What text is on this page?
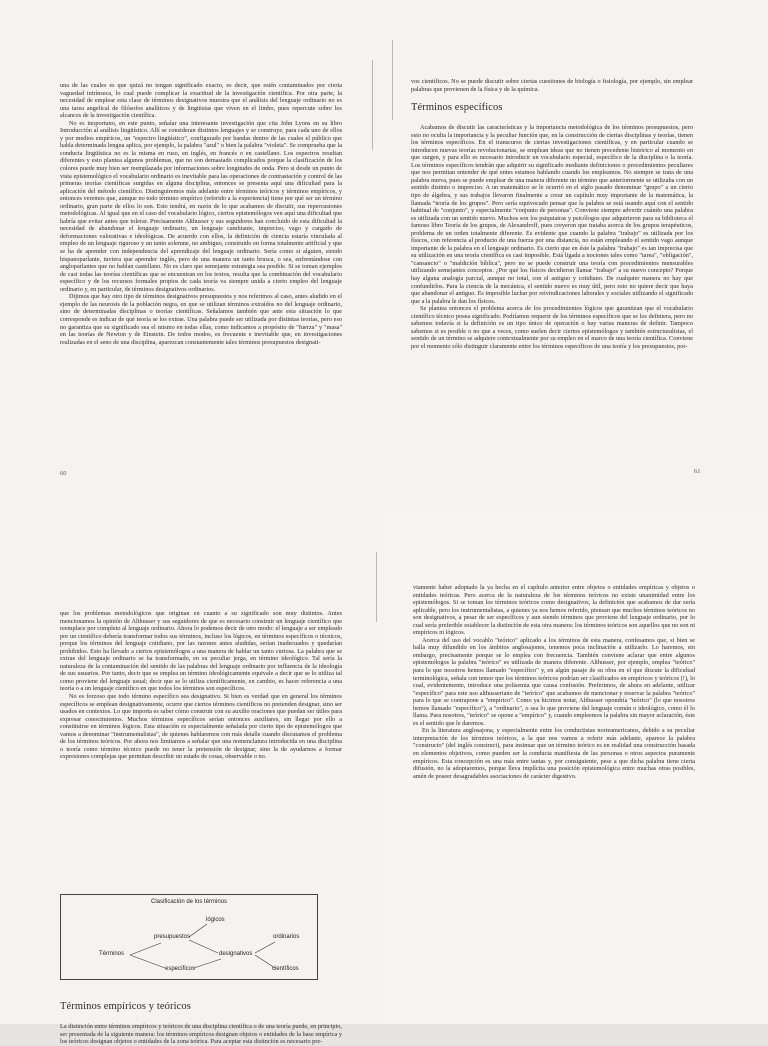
una de las cuales es que quizá no tengan significado exacto, es decir, que estén contaminados por cierta vaguedad intrínseca, lo cual puede complicar la exactitud de la investigación científica. Por otra parte, la necesidad de emplear esta clase de términos designativos muestra que el análisis del lenguaje ordinario no es una tarea angelical de filósofos analíticos y de lingüistas que viven en el limbo, pues repercute sobre los alcances de la investigación científica.

No es inoportuno, en este punto, señalar una interesante investigación que cita John Lyons en su libro Introducción al análisis lingüístico. Allí se consideran distintos lenguajes y se construye, para cada uno de ellos y por medios empíricos, un "espectro lingüístico", configurado por bandas dentro de las cuales el público que habla determinada lengua aplica, por ejemplo, la palabra "azul" o bien la palabra "violeta". Se comprueba que la conducta lingüística no es la misma en ruso, en inglés, en francés o en castellano. Los espectros resultan diferentes y esto plantea algunos problemas, que no son demasiado complicados porque la clasificación de los colores puede muy bien ser reemplazada por informaciones sobre longitudes de onda. Pero si desde un punto de vista epistemológico el vocabulario ordinario es inevitable para las operaciones de contrastación y control de las primeras teorías científicas surgidas en alguna disciplina, entonces se presenta aquí una dificultad para la aplicación del método científico. Distinguiremos más adelante entre términos teóricos y términos empíricos, y entonces veremos que, aunque no todo término empírico (referido a la experiencia) tiene por qué ser un término ordinario, gran parte de ellos lo son. Esto tendrá, en razón de lo que acabamos de discutir, sus repercusiones metodológicas. Al igual que en el caso del vocabulario lógico, ciertos epistemólogos ven aquí una dificultad que habría que evitar antes que tolerar. Precisamente Althusser y sus seguidores han concluido de esta dificultad la necesidad de abandonar el lenguaje ordinario, un lenguaje cambiante, impreciso, vago y cargado de deformaciones valorativas e ideológicas. De acuerdo con ellos, la definición de ciencia estaría vinculada al empleo de un lenguaje riguroso y un tanto solemne, no ambiguo, construido en forma totalmente artificial y que se ha de aprender con independencia del aprendizaje del lenguaje ordinario. Sería como si alguien, siendo hispanoparlante, tuviera que aprender inglés, pero de una manera un tanto brusca, o sea, enfrentándose con angloparlantes que no hablan castellano. No es claro que semejante estrategia sea posible. Si se toman ejemplos de casi todas las teorías científicas que se encuentran en los textos, resulta que la combinación del vocabulario específico y de los recursos formales propios de cada teoría va siempre unida a cierto empleo del lenguaje ordinario y, en particular, de términos designativos ordinarios.

Dijimos que hay otro tipo de términos designativos presupuestos y nos referimos al caso, antes aludido en el ejemplo de las neurosis de la población negra, en que se utilizan términos extraídos no del lenguaje ordinario, sino de determinadas disciplinas o teorías científicas. Señalamos también que ante esta situación lo que corresponde es indicar de qué teoría se los extrae. Una palabra puede ser utilizada por distintas teorías, pero eso no garantiza que su significado sea el mismo en todas ellas, como indicamos a propósito de "fuerza" y "masa" en las teorías de Newton y de Einstein. De todos modos, es frecuente e inevitable que, en investigaciones realizadas en el seno de una disciplina, aparezcan constantemente tales términos presupuestos designati-

60

vos científicos. No se puede discutir sobre ciertas cuestiones de biología o fisiología, por ejemplo, sin emplear palabras que provienen de la física y de la química.

Términos específicos

Acabamos de discutir las características y la importancia metodológica de los términos presupuestos, pero esto no oculta la importancia y la peculiar función que, en la construcción de ciertas disciplinas y teorías, tienen los términos específicos. En el transcurso de ciertas investigaciones científicas, y en particular cuando se introducen nuevas teorías revolucionarias, se emplean ideas que no tienen precedente histórico al momento en que surgen, y para ello es necesario introducir un vocabulario especial, específico de la disciplina o la teoría. Los términos específicos tendrán que adquirir su significado mediante definiciones o procedimientos peculiares que nos permitan entender de qué entes estamos hablando cuando los empleamos. No siempre se trata de una palabra nueva, pues se puede emplear de una manera diferente un término que anteriormente se utilizaba con un sentido distinto o impreciso. A un matemático se le ocurrió en el siglo pasado denominar "grupo" a un cierto tipo de álgebra, y sus trabajos llevaron finalmente a crear un capítulo muy importante de la matemática, la llamada "teoría de los grupos". Pero sería equivocado pensar que la palabra se está usando aquí con el sentido habitual de "conjunto", y especialmente "conjunto de personas". Conviene siempre advertir cuándo una palabra es utilizada con un sentido nuevo. Muchos son los psiquiatras y psicólogos que adquirieron para su biblioteca el famoso libro Teoría de los grupos, de Alexandroff, pues creyeron que trataba acerca de los grupos terapéuticos, problema de un orden totalmente diferente. Es evidente que cuando la palabra "trabajo" es utilizada por los físicos, con referencia al producto de una fuerza por una distancia, no están empleando el sentido vago aunque importante de la palabra en el lenguaje ordinario. Es cierto que en éste la palabra "trabajo" es tan imprecisa que su utilización en una teoría científica es casi imposible. Está ligada a nociones tales como "tarea", "obligación", "cansancio" o "maldición bíblica", pero no se puede construir una teoría con procedimientos mensurables utilizando semejantes conceptos. ¿Por qué los físicos decidieron llamar "trabajo" a su nuevo concepto? Porque hay alguna analogía parcial, aunque no total, con el antiguo y cotidiano. De cualquier manera no hay que confundirlos. Para la ciencia de la mecánica, el sentido nuevo es muy útil, pero esto no quiere decir que haya que abandonar el antiguo. Es imposible luchar por reivindicaciones laborales y sociales utilizando el significado que a la palabra le dan los físicos.

Se plantea entonces el problema acerca de los procedimientos lógicos que garantizan que el vocabulario científico técnico posea significado. Podríamos requerir de los términos específicos que se los definiera, pero no sabemos todavía si la definición es un tipo único de operación o hay varias maneras de definir. Tampoco sabemos si es posible o no que a veces, como suelen decir ciertos epistemólogos y también estructuralistas, el sentido de un término se adquiere contextualmente por su empleo en el marco de una teoría científica. Conviene por el momento sólo distinguir claramente entre los términos específicos de una teoría y los presupuestos, por-

61

que los problemas metodológicos que originan en cuanto a su significado son muy distintos. Antes mencionamos la opinión de Althusser y sus seguidores de que es necesario construir un lenguaje científico que reemplace por completo al lenguaje ordinario. Ahora lo podemos decir de otro modo: el lenguaje a ser empleado por un científico debería transformar todos sus términos, incluso los lógicos, en términos específicos o técnicos, porque los términos del lenguaje cotidiano, por las razones antes aludidas, serían inadecuados y quedarían prohibidos. Esto ha llevado a ciertos epistemólogos a una manera de hablar un tanto curiosa. La palabra que se extrae del lenguaje ordinario se ha transformado, en su peculiar jerga, en término ideológico. Tal sería la naturaleza de la contaminación del sentido de las palabras del lenguaje ordinario por influencia de la ideología de sus usuarios. Por tanto, decir que se emplea un término ideológicamente equivale a decir que se lo utiliza tal como proviene del lenguaje usual; decir que se lo utiliza científicamente, en cambio, es hacer referencia a una teoría o a un lenguaje científico en que todos los términos son específicos.

No es forzoso que todo término específico sea designativo. Si bien es verdad que en general los términos específicos se emplean designativamente, ocurre que ciertos términos científicos no pretenden designar, sino ser usados en contextos. Lo que importa es saber cómo construir con su auxilio oraciones que puedan ser útiles para expresar conocimientos. Muchos términos específicos serían entonces auxiliares, sin llegar por ello a constituirse en términos lógicos. Esta situación es especialmente señalada por cierto tipo de epistemólogos que vamos a denominar "instrumentalistas", de quienes hablaremos con más detalle cuando discutamos el problema de los términos teóricos. Por ahora nos limitamos a señalar que una nomenclatura introducida en una disciplina o teoría como término técnico puede no tener la pretensión de designar, sino la de ayudarnos a formar expresiones complejas que permitan describir un estado de cosas, observable o no.

Clasificación de los términos
lógicos
presupuestos	ordinarios
Términos	designativos
específicos	científicos
Términos empíricos y teóricos

La distinción entre términos empíricos y teóricos de una disciplina científica o de una teoría puede, en principio, ser presentada de la siguiente manera: los términos empíricos designan objetos o entidades de la base empírica y los teóricos designan objetos o entidades de la zona teórica. Para aceptar esta distinción es necesario pre-

viamente haber adoptado la ya hecha en el capítulo anterior entre objetos o entidades empíricas y objetos o entidades teóricas. Pero acerca de la naturaleza de los términos teóricos no existe unanimidad entre los epistemólogos. Si se toman los términos teóricos como designativos, la definición que acabamos de dar sería aplicable, pero los instrumentalistas, a quienes ya nos hemos referido, piensan que muchos términos teóricos no son designativos, a pesar de ser específicos y aun siendo términos que proviene del lenguaje ordinario, por lo cual sería preferible establecer la distinción de esta otra manera: los términos teóricos son aquellos que no son ni empíricos ni lógicos.

Acerca del uso del vocablo "teórico" aplicado a los términos de esta manera, confesamos que, si bien se halla muy difundido en los ámbitos anglosajones, tenemos poca inclinación a utilizarlo. Lo haremos, sin embargo, precisamente porque se lo emplea con frecuencia. También conviene aclarar que entre algunos epistemólogos la palabra "teórico" es utilizada de manera diferente. Althusser, por ejemplo, emplea "teórico" para lo que nosotros hemos llamado "específico" y, en algún pasaje de su obra en el que discute la dificultad terminológica, señala con temor que los términos teóricos podrían ser clasificados en empíricos y teóricos (!), lo cual, evidentemente, introduce una polisemia que causa confusión. Preferimos, de ahora en adelante, utilizar "específico" para este uso althusseriano de "teórico" que acabamos de mencionar y reservar la palabra "teórico" para lo que se contrapone a "empírico". Como ya hicimos notar, Althusser opondría "teórico" (lo que nosotros hemos llamado "específico"), a "ordinario", o sea lo que proviene del lenguaje común o ideológico, como él lo llama. Para nosotros, "teórico" se opone a "empírico" y, cuando empleemos la palabra sin mayor aclaración, éste es el sentido que le daremos.

En la literatura anglosajona, y especialmente entre los conductistas norteamericanos, debido a su peculiar interpretación de los términos teóricos, a la que nos vamos a referir más adelante, aparece la palabra "constructo" (del inglés construct), para insinuar que un término teórico es en realidad una construcción basada en elementos objetivos, como pueden ser la conducta manifiesta de las personas o otros aspectos puramente empíricos. Esta concepción es una más entre tantas y, por consiguiente, pese a que dicha palabra tiene cierta difusión, no la adoptaremos, porque lleva implícita una posición epistemológica entre muchas otras posibles, amén de poseer desagradables asociaciones de carácter digestivo.
